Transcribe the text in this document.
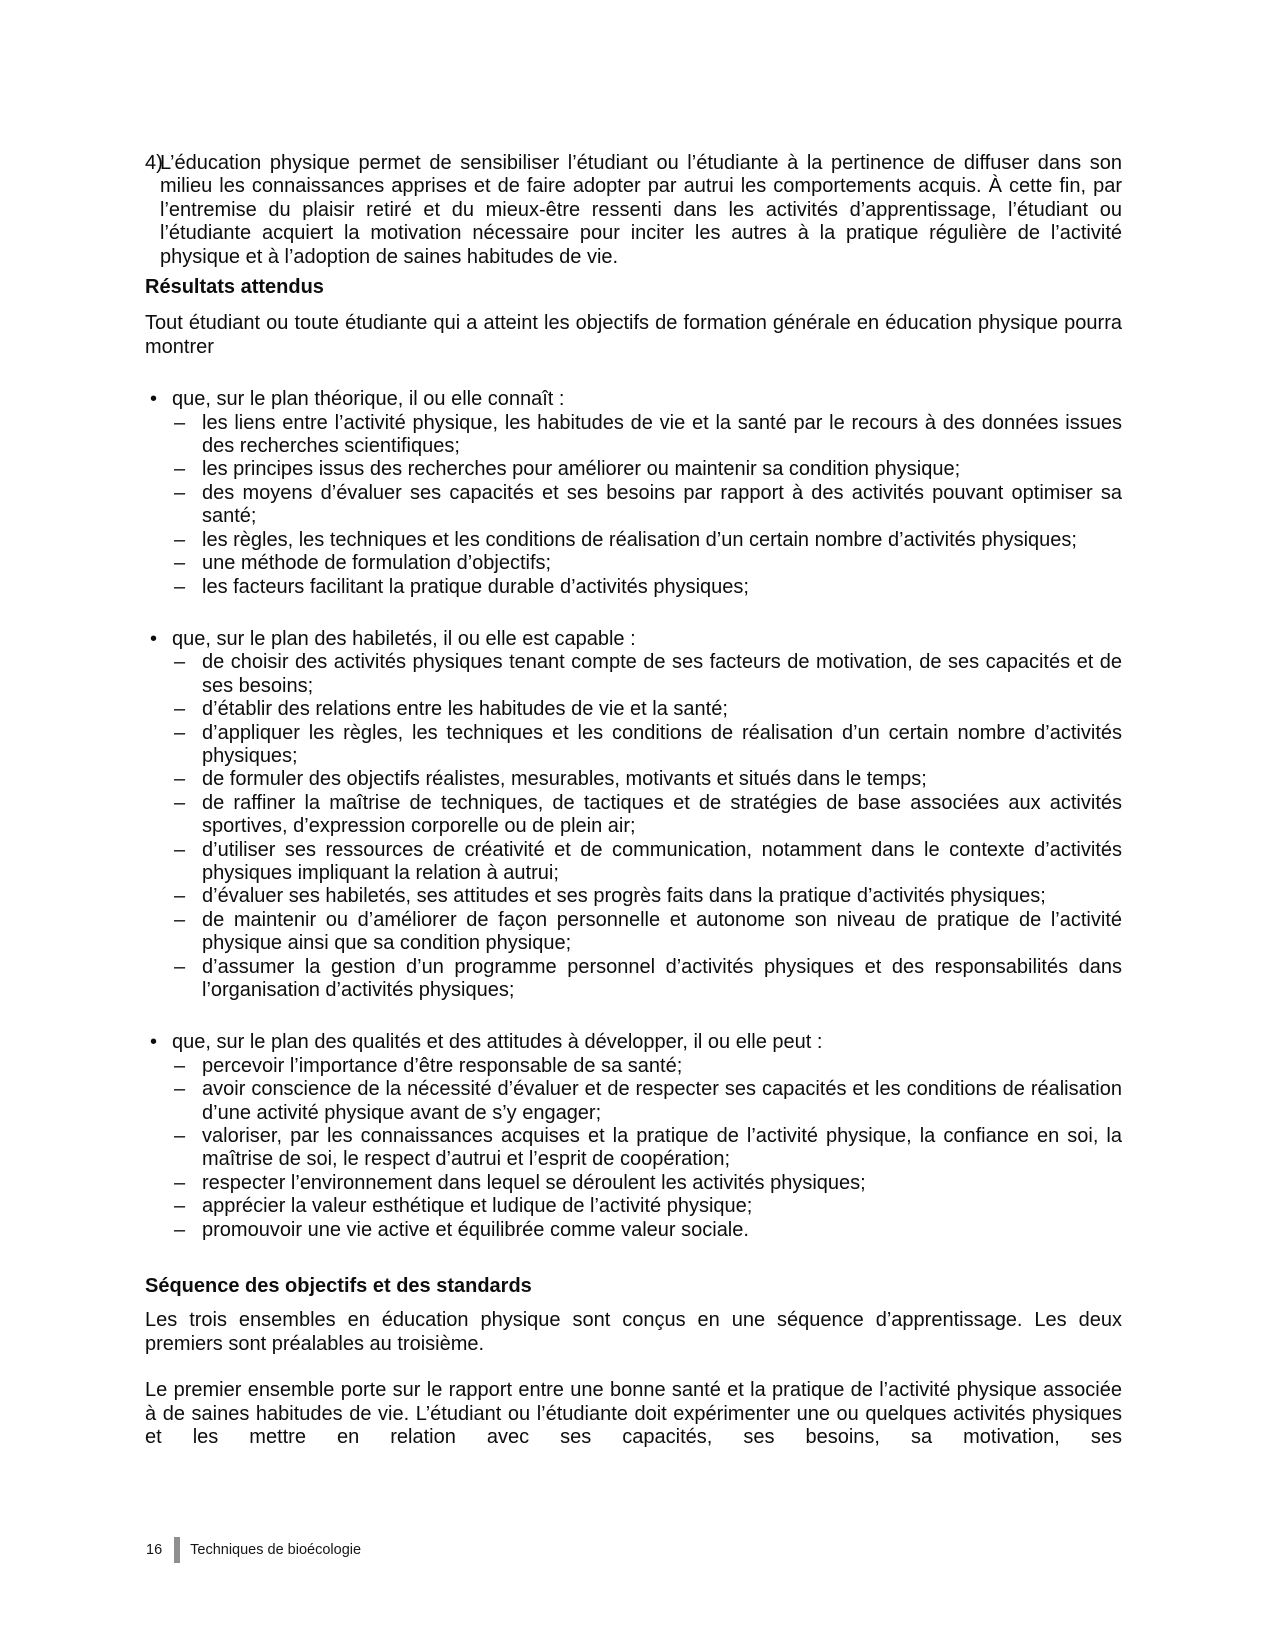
4)
L’éducation physique permet de sensibiliser l’étudiant ou l’étudiante à la pertinence de diffuser dans son milieu les connaissances apprises et de faire adopter par autrui les comportements acquis. À cette fin, par l’entremise du plaisir retiré et du mieux-être ressenti dans les activités d’apprentissage, l’étudiant ou l’étudiante acquiert la motivation nécessaire pour inciter les autres à la pratique régulière de l’activité physique et à l’adoption de saines habitudes de vie.

Résultats attendus

Tout étudiant ou toute étudiante qui a atteint les objectifs de formation générale en éducation physique pourra montrer

• que, sur le plan théorique, il ou elle connaît :
– les liens entre l’activité physique, les habitudes de vie et la santé par le recours à des données issues des recherches scientifiques;
– les principes issus des recherches pour améliorer ou maintenir sa condition physique;
– des moyens d’évaluer ses capacités et ses besoins par rapport à des activités pouvant optimiser sa santé;
– les règles, les techniques et les conditions de réalisation d’un certain nombre d’activités physiques;
– une méthode de formulation d’objectifs;
– les facteurs facilitant la pratique durable d’activités physiques;
• que, sur le plan des habiletés, il ou elle est capable :
– de choisir des activités physiques tenant compte de ses facteurs de motivation, de ses capacités et de ses besoins;
– d’établir des relations entre les habitudes de vie et la santé;
– d’appliquer les règles, les techniques et les conditions de réalisation d’un certain nombre d’activités physiques;
– de formuler des objectifs réalistes, mesurables, motivants et situés dans le temps;
– de raffiner la maîtrise de techniques, de tactiques et de stratégies de base associées aux activités sportives, d’expression corporelle ou de plein air;
– d’utiliser ses ressources de créativité et de communication, notamment dans le contexte d’activités physiques impliquant la relation à autrui;
– d’évaluer ses habiletés, ses attitudes et ses progrès faits dans la pratique d’activités physiques;
– de maintenir ou d’améliorer de façon personnelle et autonome son niveau de pratique de l’activité physique ainsi que sa condition physique;
– d’assumer la gestion d’un programme personnel d’activités physiques et des responsabilités dans l’organisation d’activités physiques;
• que, sur le plan des qualités et des attitudes à développer, il ou elle peut :
– percevoir l’importance d’être responsable de sa santé;
– avoir conscience de la nécessité d’évaluer et de respecter ses capacités et les conditions de réalisation d’une activité physique avant de s’y engager;
– valoriser, par les connaissances acquises et la pratique de l’activité physique, la confiance en soi, la maîtrise de soi, le respect d’autrui et l’esprit de coopération;
– respecter l’environnement dans lequel se déroulent les activités physiques;
– apprécier la valeur esthétique et ludique de l’activité physique;
– promouvoir une vie active et équilibrée comme valeur sociale.
Séquence des objectifs et des standards

Les trois ensembles en éducation physique sont conçus en une séquence d’apprentissage. Les deux premiers sont préalables au troisième.

Le premier ensemble porte sur le rapport entre une bonne santé et la pratique de l’activité physique associée à de saines habitudes de vie. L’étudiant ou l’étudiante doit expérimenter une ou quelques activités physiques et les mettre en relation avec ses capacités, ses besoins, sa motivation, ses

16 Techniques de bioécologie
